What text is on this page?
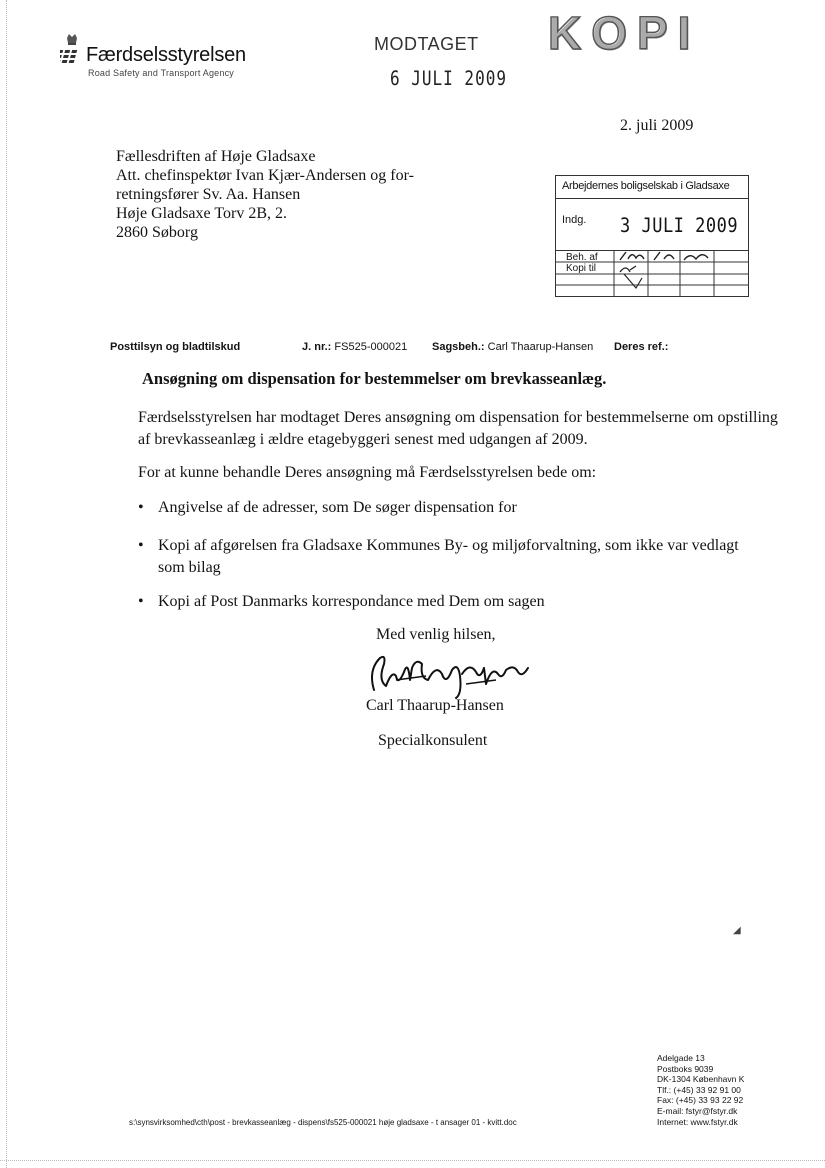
Færdselsstyrelsen
Road Safety and Transport Agency
MODTAGET
6 JULI 2009
KOPI
2. juli 2009
Fællesdriften af Høje Gladsaxe
Att. chefinspektør Ivan Kjær-Andersen og for-
retningsfører Sv. Aa. Hansen
Høje Gladsaxe Torv 2B, 2.
2860 Søborg
Arbejdernes boligselskab i Gladsaxe
Indg. 3 JULI 2009
Beh. af
Kopi til
Posttilsyn og bladtilskud	J. nr.: FS525-000021 Sagsbeh.: Carl Thaarup-Hansen Deres ref.:
Ansøgning om dispensation for bestemmelser om brevkasseanlæg.
Færdselsstyrelsen har modtaget Deres ansøgning om dispensation for bestemmelserne om opstilling af brevkasseanlæg i ældre etagebyggeri senest med udgangen af 2009.
For at kunne behandle Deres ansøgning må Færdselsstyrelsen bede om:
• Angivelse af de adresser, som De søger dispensation for
• Kopi af afgørelsen fra Gladsaxe Kommunes By- og miljøforvaltning, som ikke var vedlagt som bilag
• Kopi af Post Danmarks korrespondance med Dem om sagen
Med venlig hilsen,
Carl Thaarup-Hansen
Specialkonsulent
◢
s:\synsvirksomhed\cth\post - brevkasseanlæg - dispens\fs525-000021 høje gladsaxe - t ansager 01 - kvitt.doc
Adelgade 13
Postboks 9039
DK-1304 København K
Tlf.: (+45) 33 92 91 00
Fax: (+45) 33 93 22 92
E-mail: fstyr@fstyr.dk
Internet: www.fstyr.dk
